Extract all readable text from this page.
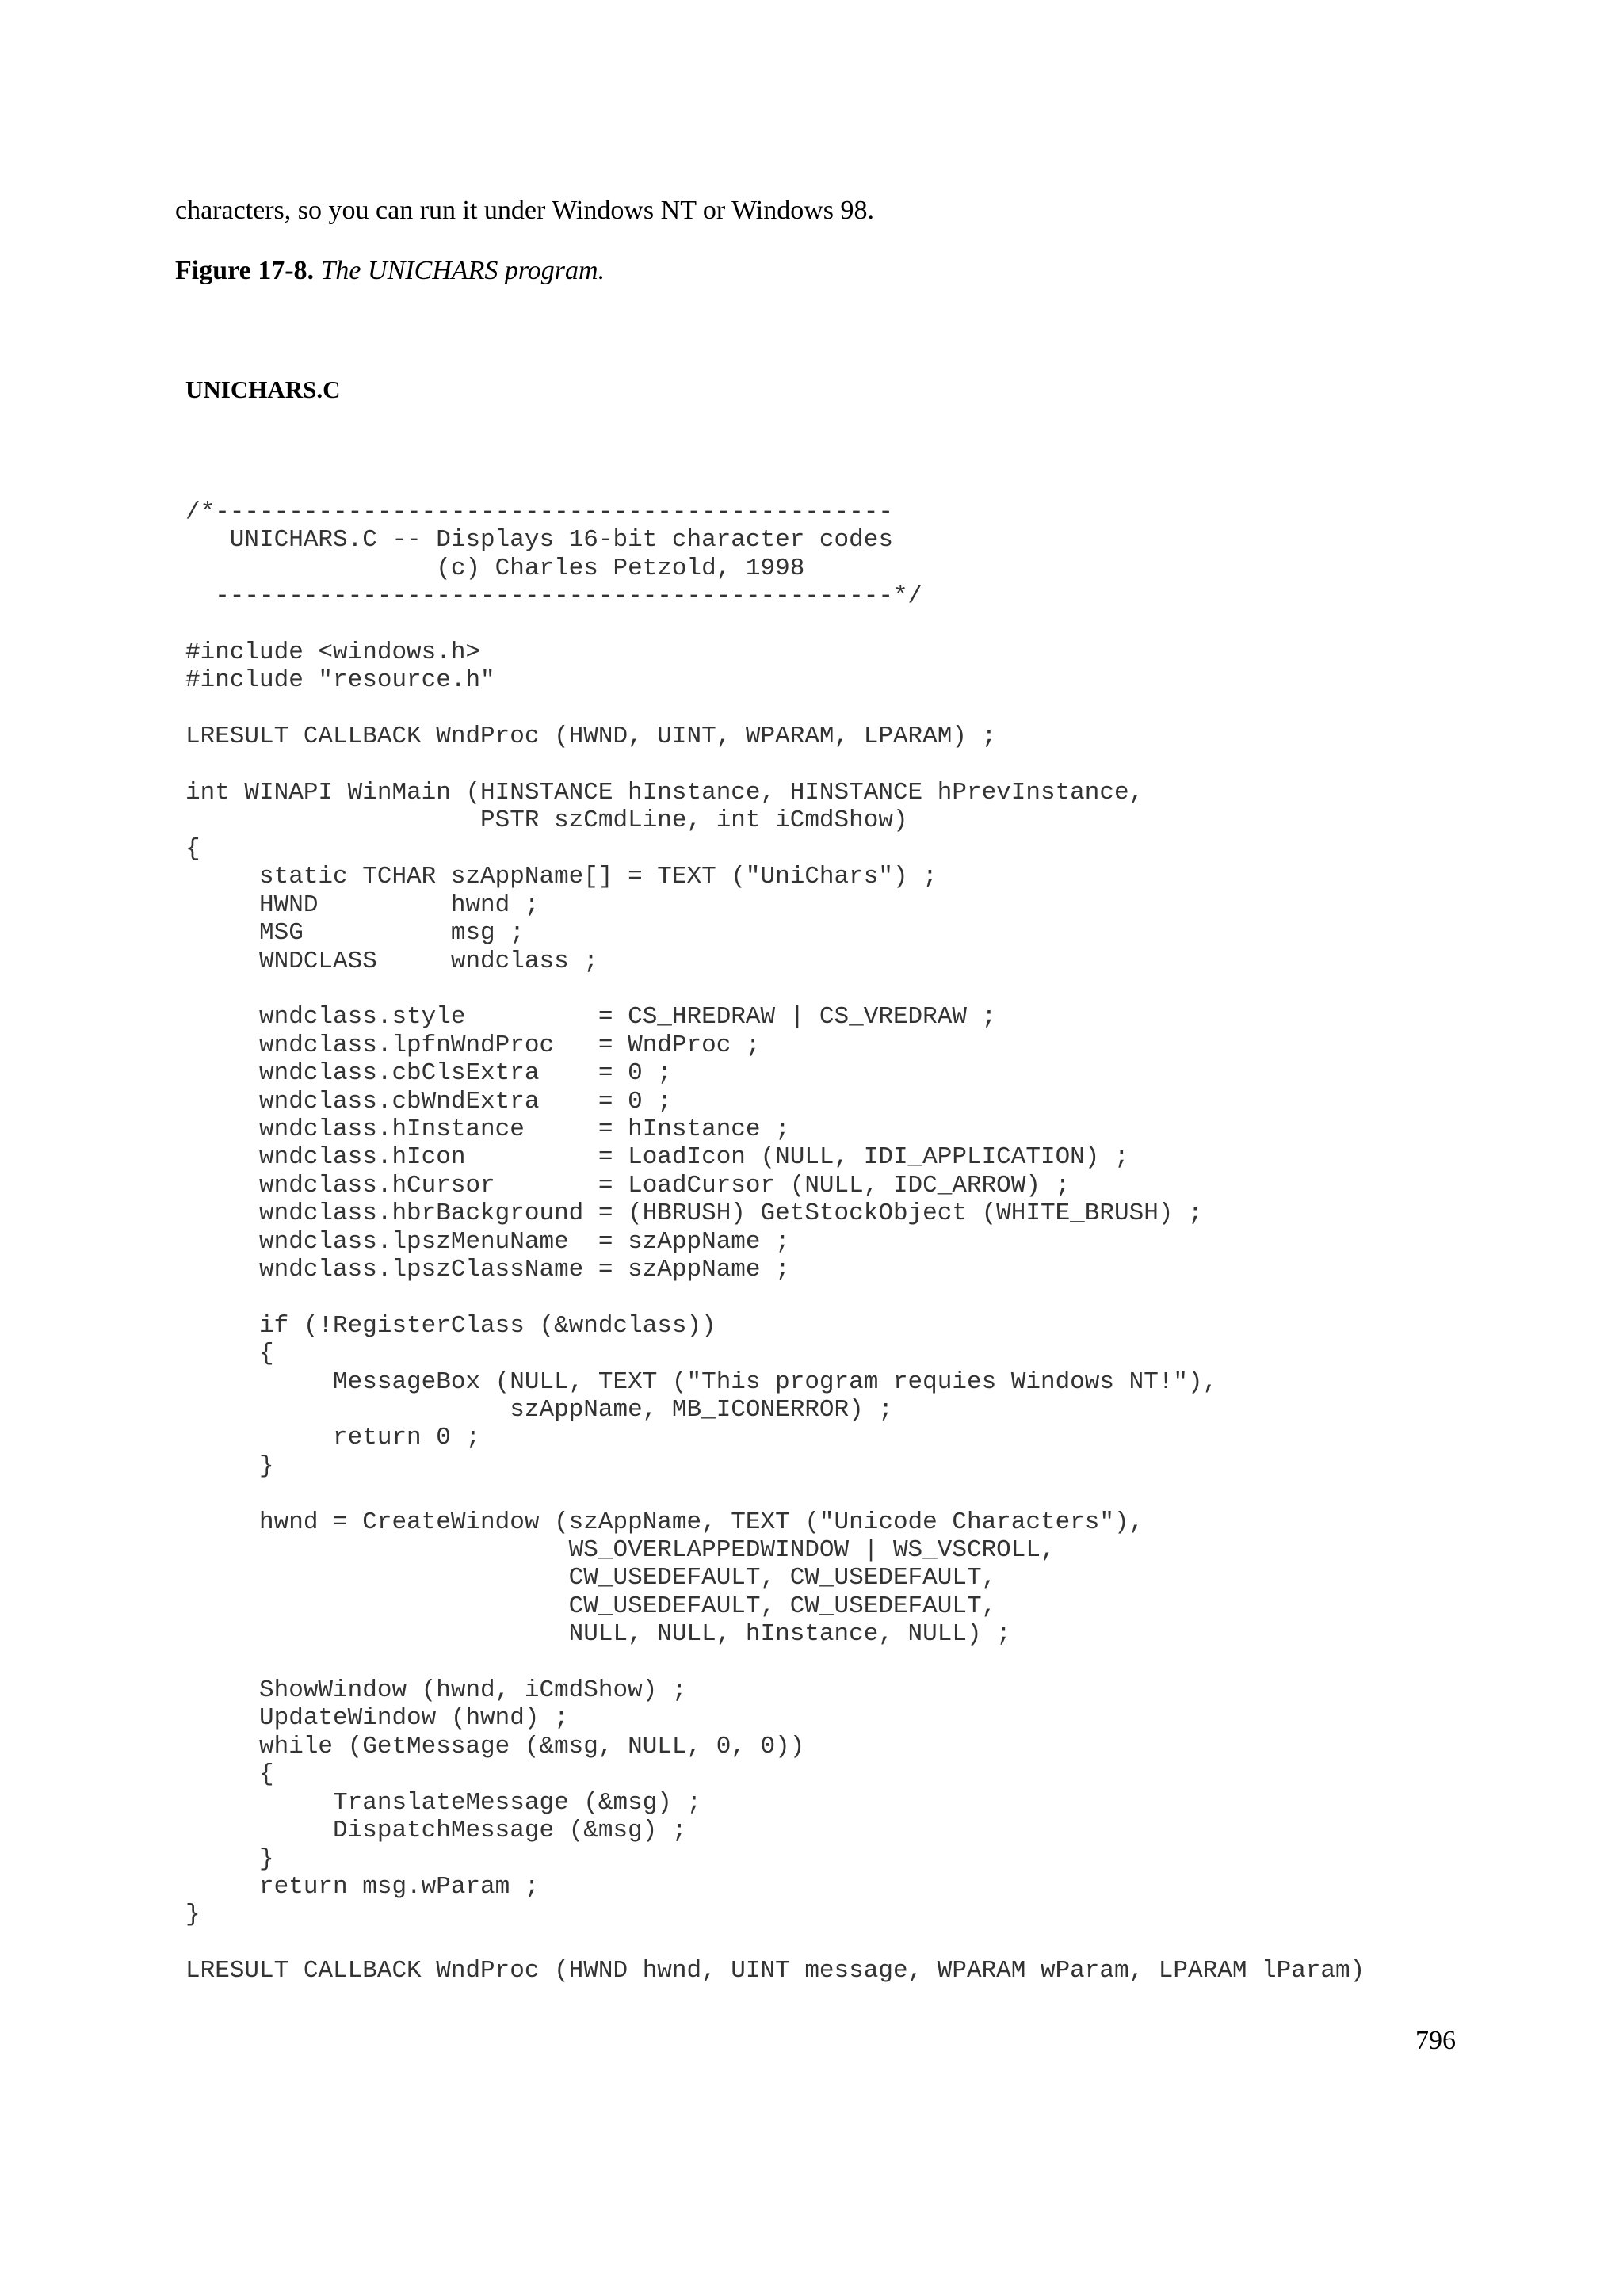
characters, so you can run it under Windows NT or Windows 98.

Figure 17-8. The UNICHARS program.

UNICHARS.C

/*----------------------------------------------
UNICHARS.C -- Displays 16-bit character codes
(c) Charles Petzold, 1998
----------------------------------------------*/

#include <windows.h>
#include "resource.h"

LRESULT CALLBACK WndProc (HWND, UINT, WPARAM, LPARAM) ;

int WINAPI WinMain (HINSTANCE hInstance, HINSTANCE hPrevInstance,
PSTR szCmdLine, int iCmdShow)
{
static TCHAR szAppName[] = TEXT ("UniChars") ;
HWND         hwnd ;
MSG          msg ;
WNDCLASS     wndclass ;

wndclass.style         = CS_HREDRAW | CS_VREDRAW ;
wndclass.lpfnWndProc   = WndProc ;
wndclass.cbClsExtra    = 0 ;
wndclass.cbWndExtra    = 0 ;
wndclass.hInstance     = hInstance ;
wndclass.hIcon         = LoadIcon (NULL, IDI_APPLICATION) ;
wndclass.hCursor       = LoadCursor (NULL, IDC_ARROW) ;
wndclass.hbrBackground = (HBRUSH) GetStockObject (WHITE_BRUSH) ;
wndclass.lpszMenuName  = szAppName ;
wndclass.lpszClassName = szAppName ;

if (!RegisterClass (&wndclass))
{
MessageBox (NULL, TEXT ("This program requies Windows NT!"),
szAppName, MB_ICONERROR) ;
return 0 ;
}

hwnd = CreateWindow (szAppName, TEXT ("Unicode Characters"),
WS_OVERLAPPEDWINDOW | WS_VSCROLL,
CW_USEDEFAULT, CW_USEDEFAULT,
CW_USEDEFAULT, CW_USEDEFAULT,
NULL, NULL, hInstance, NULL) ;

ShowWindow (hwnd, iCmdShow) ;
UpdateWindow (hwnd) ;
while (GetMessage (&msg, NULL, 0, 0))
{
TranslateMessage (&msg) ;
DispatchMessage (&msg) ;
}
return msg.wParam ;
}

LRESULT CALLBACK WndProc (HWND hwnd, UINT message, WPARAM wParam, LPARAM lParam)

796
